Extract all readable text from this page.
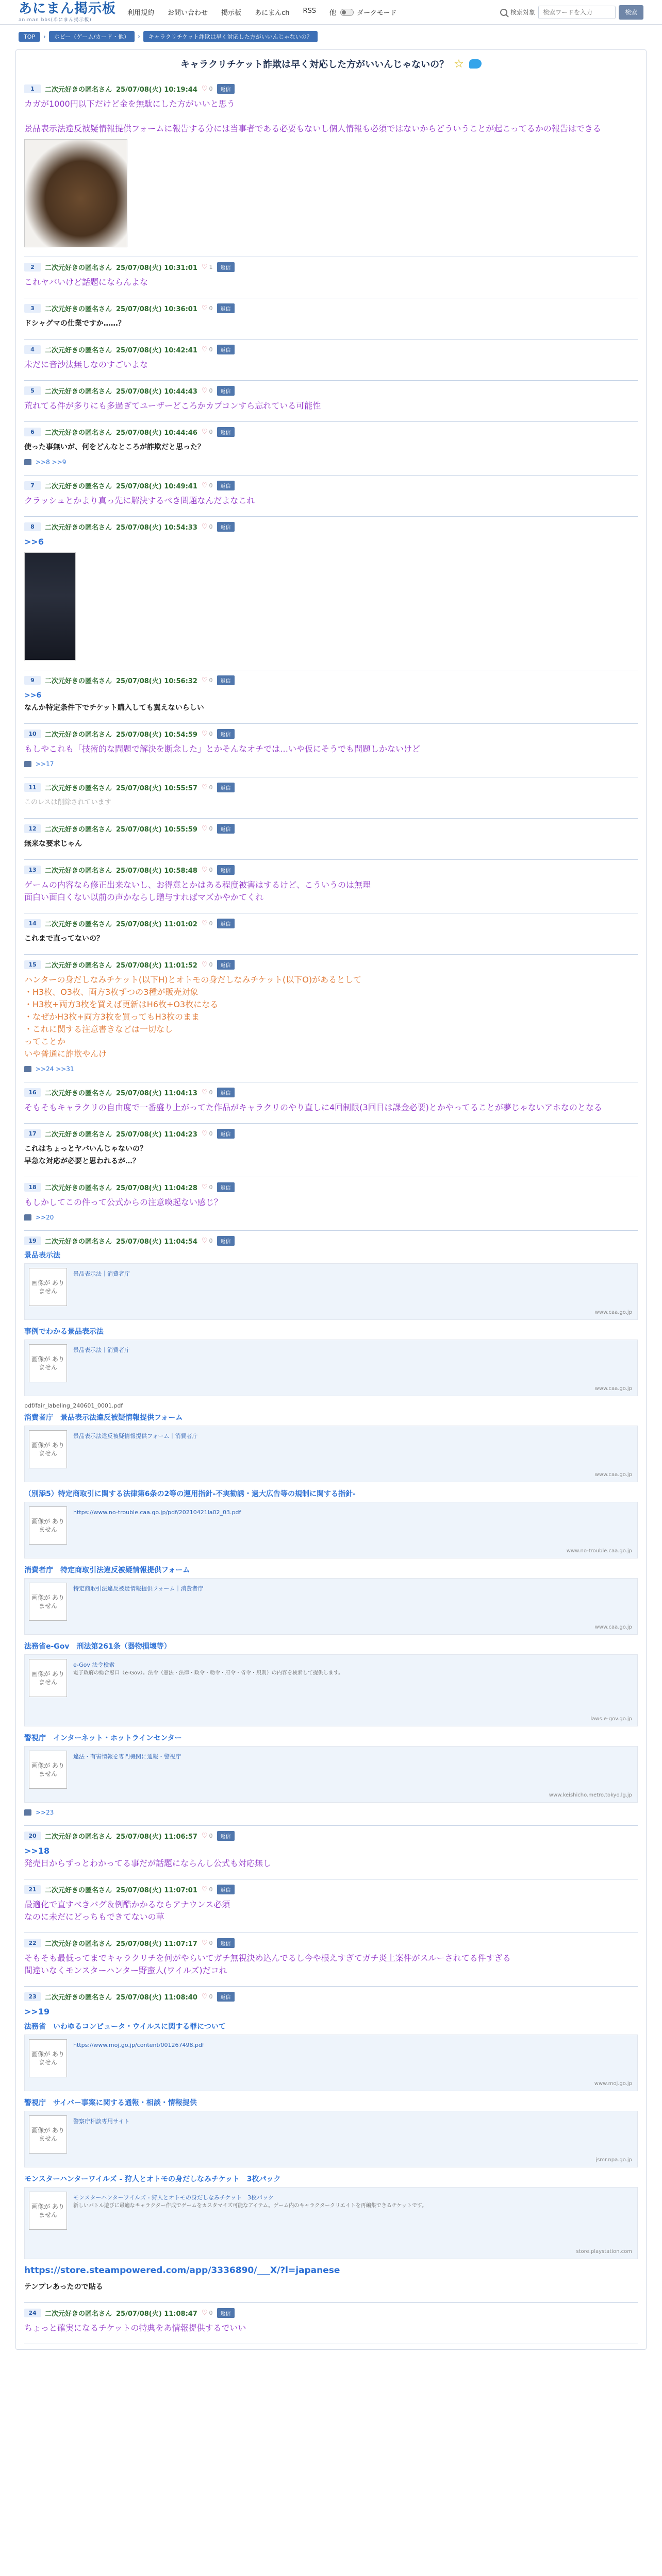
あにまん掲示板
animan bbs(あにまん掲示板)
利用規約 お問い合わせ 掲示板 あにまんch RSS 他	ダークモード	検索対象
検索ワードを入力	検索
TOP	›	ホビー（ゲーム/カード・他）	›	キャラクリチケット詐欺は早く対応した方がいいんじゃないの？
キャラクリチケット詐欺は早く対応した方がいいんじゃないの？ ☆
1	二次元好きの匿名さん 25/07/08(火) 10:19:44 ♡ 0	返信
カガが1000円以下だけど金を無駄にした方がいいと思う

景品表示法違反被疑情報提供フォームに報告する分には当事者である必要もないし個人情報も必須ではないからどういうことが起こってるかの報告はできる
2	二次元好きの匿名さん 25/07/08(火) 10:31:01 ♡ 1	返信
これヤバいけど話題にならんよな
3	二次元好きの匿名さん 25/07/08(火) 10:36:01 ♡ 0	返信
ドシャグマの仕業ですか……？
4	二次元好きの匿名さん 25/07/08(火) 10:42:41 ♡ 0	返信
未だに音沙汰無しなのすごいよな
5	二次元好きの匿名さん 25/07/08(火) 10:44:43 ♡ 0	返信
荒れてる件が多りにも多過ぎてユーザーどころかカプコンすら忘れている可能性
6	二次元好きの匿名さん 25/07/08(火) 10:44:46 ♡ 0	返信
使った事無いが、何をどんなところが詐欺だと思った？
>>8 >>9
7	二次元好きの匿名さん 25/07/08(火) 10:49:41 ♡ 0	返信
クラッシュとかより真っ先に解決するべき問題なんだよなこれ
8	二次元好きの匿名さん 25/07/08(火) 10:54:33 ♡ 0	返信
>>6
9	二次元好きの匿名さん 25/07/08(火) 10:56:32 ♡ 0	返信
>>6
なんか特定条件下でチケット購入しても翼えないらしい
10	二次元好きの匿名さん 25/07/08(火) 10:54:59 ♡ 0	返信
もしやこれも「技術的な問題で解決を断念した」とかそんなオチでは…いや仮にそうでも問題しかないけど
>>17
11	二次元好きの匿名さん 25/07/08(火) 10:55:57 ♡ 0	返信
このレスは削除されています
12	二次元好きの匿名さん 25/07/08(火) 10:55:59 ♡ 0	返信
無来な要求じゃん
13	二次元好きの匿名さん 25/07/08(火) 10:58:48 ♡ 0	返信
ゲームの内容なら修正出来ないし、お得意とかはある程度被害はするけど、こういうのは無理
面白い面白くない以前の声かならし贈与すればマズかやかてくれ
14	二次元好きの匿名さん 25/07/08(火) 11:01:02 ♡ 0	返信
これまで直ってないの？
15	二次元好きの匿名さん 25/07/08(火) 11:01:52 ♡ 0	返信
ハンターの身だしなみチケット(以下H)とオトモの身だしなみチケット(以下O)があるとして
・H3枚、O3枚、両方3枚ずつの3種が販売対象
・H3枚+両方3枚を買えば更新はH6枚+O3枚になる
・なぜかH3枚+両方3枚を買ってもH3枚のまま
・これに関する注意書きなどは一切なし
ってことか
いや普通に詐欺やんけ
>>24 >>31
16	二次元好きの匿名さん 25/07/08(火) 11:04:13 ♡ 0	返信
そもそもキャラクリの自由度で一番盛り上がってた作品がキャラクリのやり直しに4回制限(3回目は課金必要)とかやってることが夢じゃないアホなのとなる
17	二次元好きの匿名さん 25/07/08(火) 11:04:23 ♡ 0	返信
これはちょっとヤバいんじゃないの？
早急な対応が必要と思われるが…？
18	二次元好きの匿名さん 25/07/08(火) 11:04:28 ♡ 0	返信
もしかしてこの件って公式からの注意喚起ない感じ？
>>20
19	二次元好きの匿名さん 25/07/08(火) 11:04:54 ♡ 0	返信
景品表示法
画像が ありません
景品表示法｜消費者庁
www.caa.go.jp
事例でわかる景品表示法
画像が ありません
景品表示法｜消費者庁
www.caa.go.jp
pdf/fair_labeling_240601_0001.pdf
消費者庁　景品表示法違反被疑情報提供フォーム
画像が ありません
景品表示法違反被疑情報提供フォーム｜消費者庁
www.caa.go.jp
（別添5）特定商取引に関する法律第6条の2等の運用指針-不実勧誘・過大広告等の規制に関する指針-
画像が ありません
https://www.no-trouble.caa.go.jp/pdf/20210421la02_03.pdf
www.no-trouble.caa.go.jp
消費者庁　特定商取引法違反被疑情報提供フォーム
画像が ありません
特定商取引法違反被疑情報提供フォーム｜消費者庁
www.caa.go.jp
法務省e-Gov　刑法第261条（器物損壊等）
画像が ありません
e-Gov 法令検索
電子政府の総合窓口（e-Gov）。法令（憲法・法律・政令・勅令・府令・省令・規則）の内容を検索して提供します。
laws.e-gov.go.jp
警視庁　インターネット・ホットラインセンター
画像が ありません
違法・有害情報を専門機関に通報・警視庁
www.keishicho.metro.tokyo.lg.jp
>>23
20	二次元好きの匿名さん 25/07/08(火) 11:06:57 ♡ 0	返信
>>18
発売日からずっとわかってる事だが話題にならんし公式も対応無し
21	二次元好きの匿名さん 25/07/08(火) 11:07:01 ♡ 0	返信
最適化で直すべきバグ＆例酷かかるならアナウンス必須
なのに未だにどっちもできてないの草
22	二次元好きの匿名さん 25/07/08(火) 11:07:17 ♡ 0	返信
そもそも最低ってまでキャラクリチを何がやらいてガチ無視決め込んでるし今や根えすぎてガチ炎上案件がスルーされてる件すぎる
間違いなくモンスターハンター野蛮人(ワイルズ)だコれ
23	二次元好きの匿名さん 25/07/08(火) 11:08:40 ♡ 0	返信
>>19
法務省　いわゆるコンピュータ・ウイルスに関する罪について
画像が ありません
https://www.moj.go.jp/content/001267498.pdf
www.moj.go.jp
警視庁　サイバー事案に関する通報・相談・情報提供
画像が ありません
警察庁相談専用サイト
jsmr.npa.go.jp
モンスターハンターワイルズ - 狩人とオトモの身だしなみチケット　3枚パック
画像が ありません
モンスターハンターワイルズ - 狩人とオトモの身だしなみチケット　3枚パック
新しいバトル遊びに最適なキャラクター作成でゲームをカスタマイズ可能なアイテム。ゲーム内のキャラクタークリエイトを再編集できるチケットです。
store.playstation.com
https://store.steampowered.com/app/3336890/___X/?l=japanese
テンプレあったので貼る
24	二次元好きの匿名さん 25/07/08(火) 11:08:47 ♡ 0	返信
ちょっと確実になるチケットの特典をあ情報提供するでいい
